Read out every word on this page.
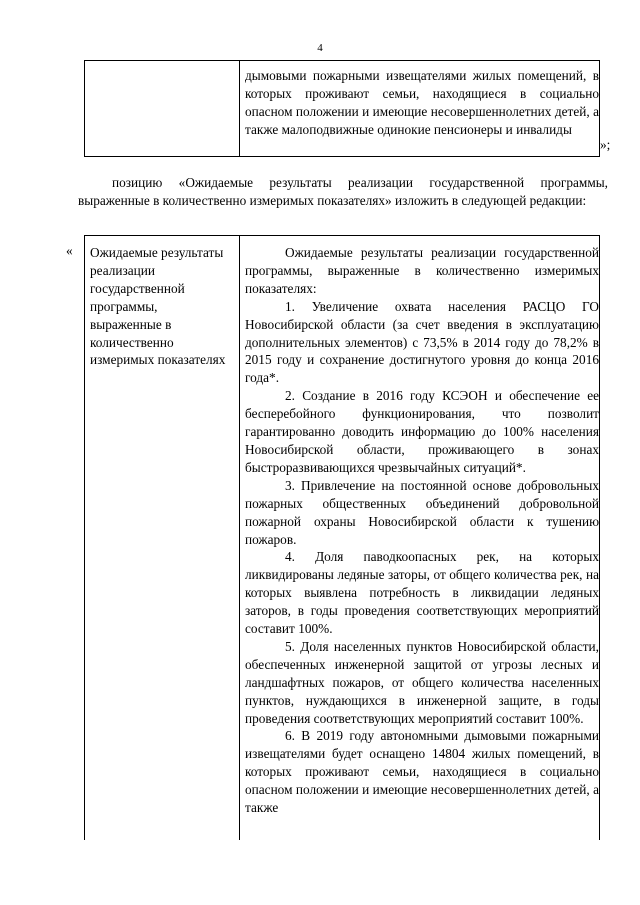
4

дымовыми пожарными извещателями жилых помещений, в которых проживают семьи, находящиеся в социально опасном положении и имеющие несовершеннолетних детей, а также малоподвижные одинокие пенсионеры и инвалиды

»;

позицию «Ожидаемые результаты реализации государственной программы, выраженные в количественно измеримых показателях» изложить в следующей редакции:

« Ожидаемые результаты реализации государственной программы, выраженные в количественно измеримых показателях

Ожидаемые результаты реализации государственной программы, выраженные в количественно измеримых показателях:

1. Увеличение охвата населения РАСЦО ГО Новосибирской области (за счет введения в эксплуатацию дополнительных элементов) с 73,5% в 2014 году до 78,2% в 2015 году и сохранение достигнутого уровня до конца 2016 года*.

2. Создание в 2016 году КСЭОН и обеспечение ее бесперебойного функционирования, что позволит гарантированно доводить информацию до 100% населения Новосибирской области, проживающего в зонах быстроразвивающихся чрезвычайных ситуаций*.

3. Привлечение на постоянной основе добровольных пожарных общественных объединений добровольной пожарной охраны Новосибирской области к тушению пожаров.

4. Доля паводкоопасных рек, на которых ликвидированы ледяные заторы, от общего количества рек, на которых выявлена потребность в ликвидации ледяных заторов, в годы проведения соответствующих мероприятий составит 100%.

5. Доля населенных пунктов Новосибирской области, обеспеченных инженерной защитой от угрозы лесных и ландшафтных пожаров, от общего количества населенных пунктов, нуждающихся в инженерной защите, в годы проведения соответствующих мероприятий составит 100%.

6. В 2019 году автономными дымовыми пожарными извещателями будет оснащено 14804 жилых помещений, в которых проживают семьи, находящиеся в социально опасном положении и имеющие несовершеннолетних детей, а также
